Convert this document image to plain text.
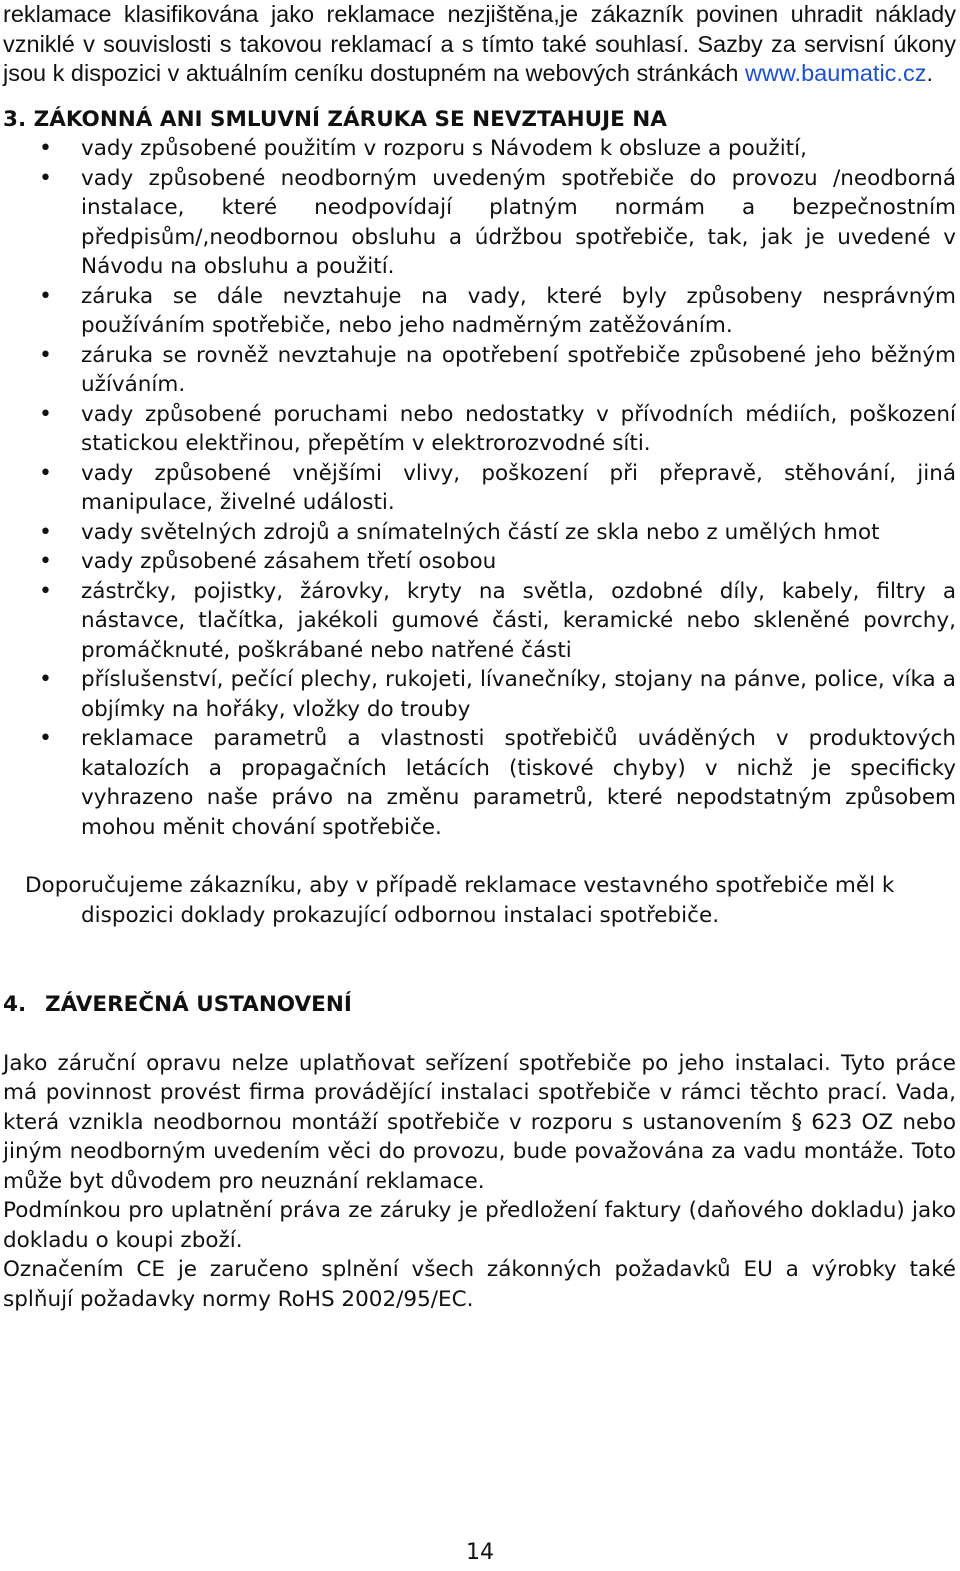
reklamace klasifikována jako reklamace nezjištěna,je zákazník povinen uhradit náklady vzniklé v souvislosti s takovou reklamací a s tímto také souhlasí. Sazby za servisní úkony jsou k dispozici v aktuálním ceníku dostupném na webových stránkách www.baumatic.cz.

3. ZÁKONNÁ ANI SMLUVNÍ ZÁRUKA SE NEVZTAHUJE NA
• vady způsobené použitím v rozporu s Návodem k obsluze a použití,
• vady způsobené neodborným uvedeným spotřebiče do provozu /neodborná instalace, které neodpovídají platným normám a bezpečnostním předpisům/,neodbornou obsluhu a údržbou spotřebiče, tak, jak je uvedené v Návodu na obsluhu a použití.
• záruka se dále nevztahuje na vady, které byly způsobeny nesprávným používáním spotřebiče, nebo jeho nadměrným zatěžováním.
• záruka se rovněž nevztahuje na opotřebení spotřebiče způsobené jeho běžným užíváním.
• vady způsobené poruchami nebo nedostatky v přívodních médiích, poškození statickou elektřinou, přepětím v elektrorozvodné síti.
• vady způsobené vnějšími vlivy, poškození při přepravě, stěhování, jiná manipulace, živelné události.
• vady světelných zdrojů a snímatelných částí ze skla nebo z umělých hmot
• vady způsobené zásahem třetí osobou
• zástrčky, pojistky, žárovky, kryty na světla, ozdobné díly, kabely, filtry a nástavce, tlačítka, jakékoli gumové části, keramické nebo skleněné povrchy, promáčknuté, poškrábané nebo natřené části
• příslušenství, pečící plechy, rukojeti, lívanečníky, stojany na pánve, police, víka a objímky na hořáky, vložky do trouby
• reklamace parametrů a vlastnosti spotřebičů uváděných v produktových katalozích a propagačních letácích (tiskové chyby) v nichž je specificky vyhrazeno naše právo na změnu parametrů, které nepodstatným způsobem mohou měnit chování spotřebiče.

Doporučujeme zákazníku, aby v případě reklamace vestavného spotřebiče měl k dispozici doklady prokazující odbornou instalaci spotřebiče.

4. ZÁVEREČNÁ USTANOVENÍ

Jako záruční opravu nelze uplatňovat seřízení spotřebiče po jeho instalaci. Tyto práce má povinnost provést firma provádějící instalaci spotřebiče v rámci těchto prací. Vada, která vznikla neodbornou montáží spotřebiče v rozporu s ustanovením § 623 OZ nebo jiným neodborným uvedením věci do provozu, bude považována za vadu montáže. Toto může byt důvodem pro neuznání reklamace.

Podmínkou pro uplatnění práva ze záruky je předložení faktury (daňového dokladu) jako dokladu o koupi zboží.

Označením CE je zaručeno splnění všech zákonných požadavků EU a výrobky také splňují požadavky normy RoHS 2002/95/EC.

14
